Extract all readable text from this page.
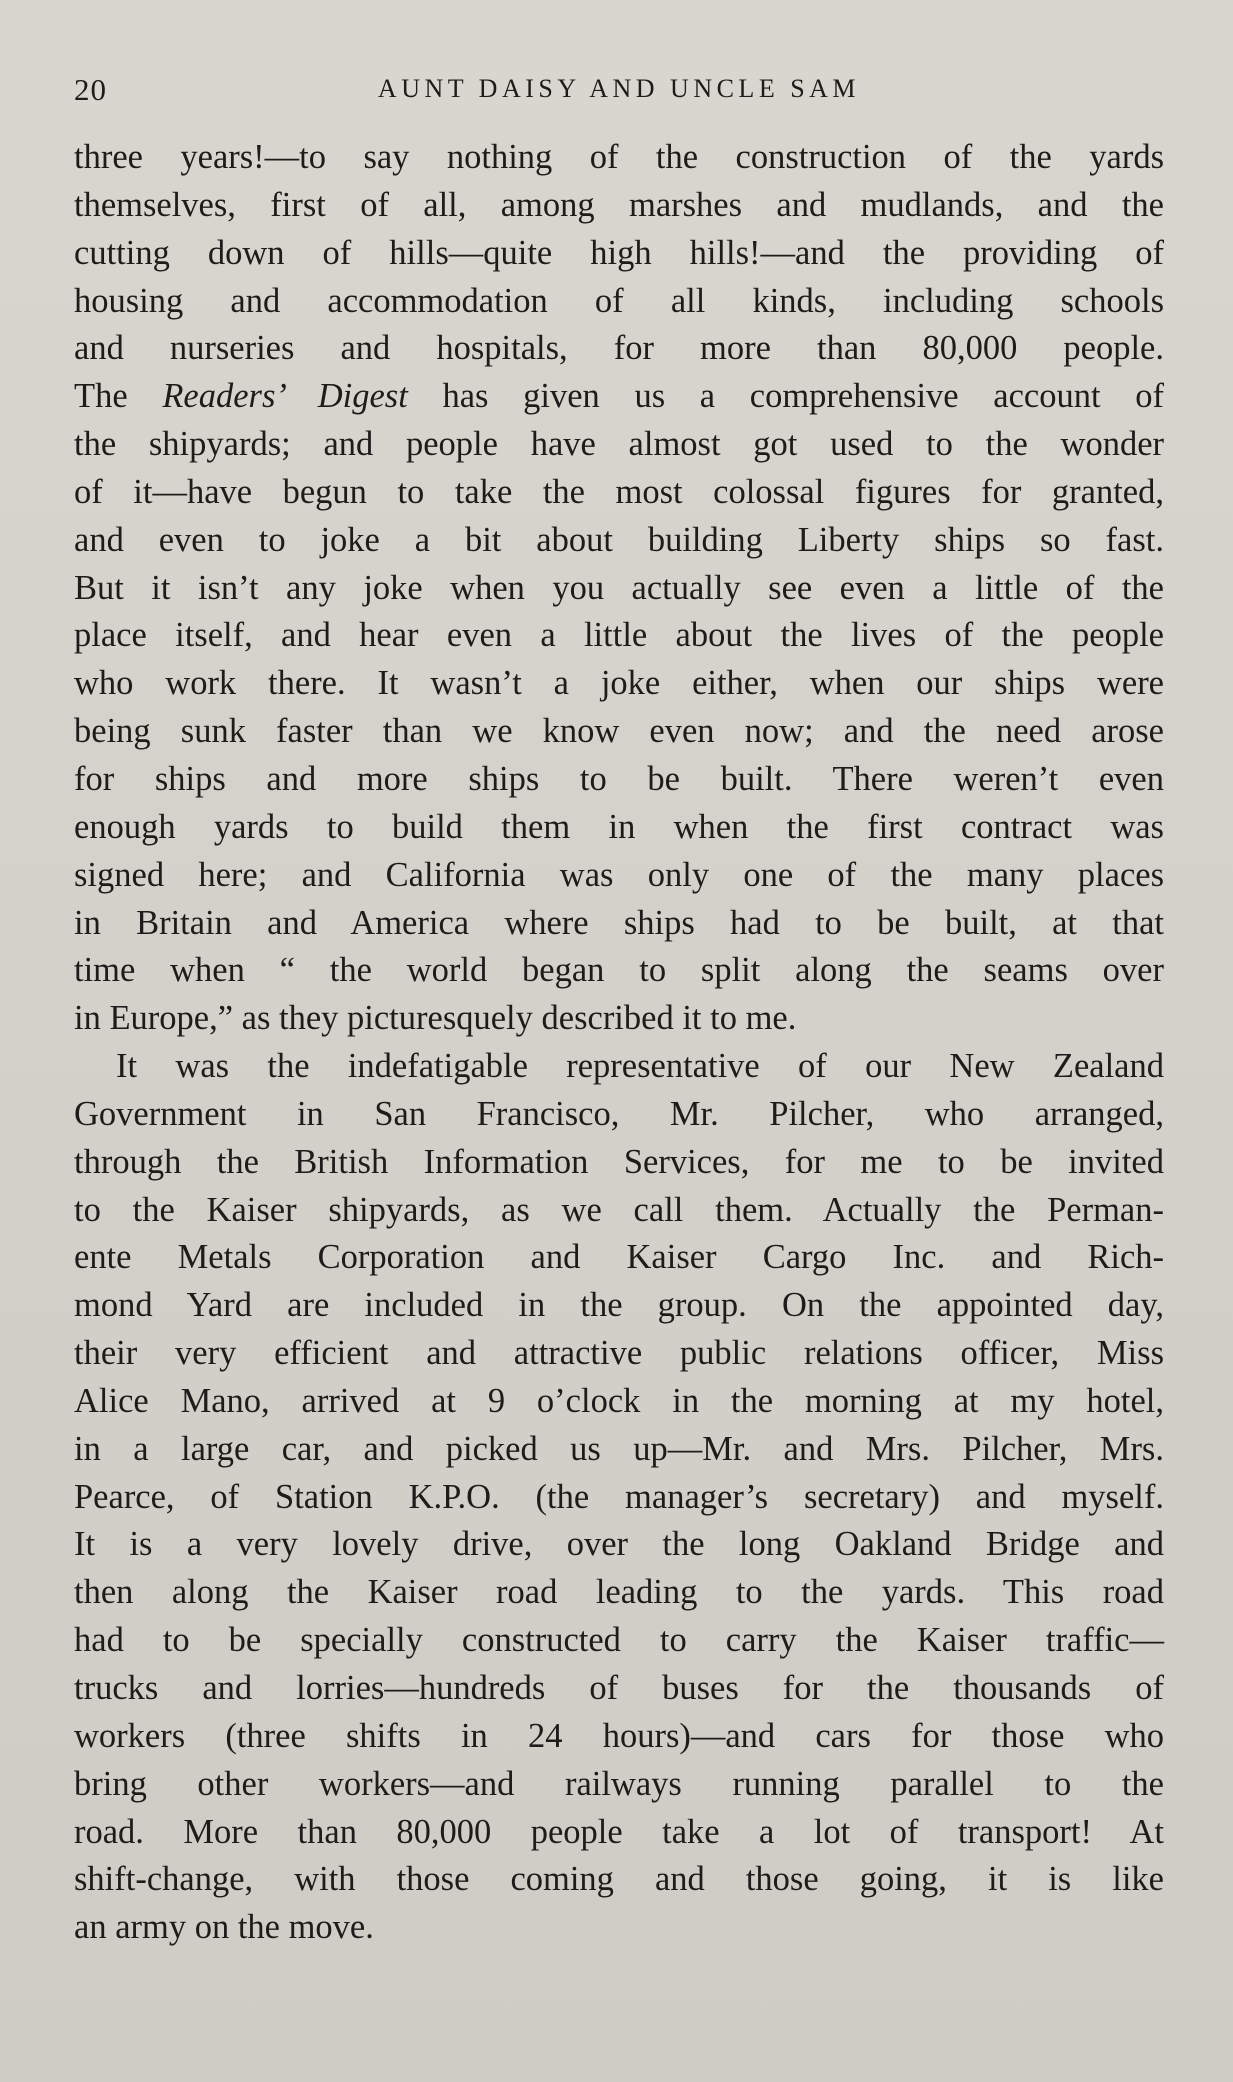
20	AUNT DAISY AND UNCLE SAM
three years!—to say nothing of the construction of the yards
themselves, first of all, among marshes and mudlands, and the
cutting down of hills—quite high hills!—and the providing of
housing and accommodation of all kinds, including schools
and nurseries and hospitals, for more than 80,000 people.
The Readers’ Digest has given us a comprehensive account of
the shipyards; and people have almost got used to the wonder
of it—have begun to take the most colossal figures for granted,
and even to joke a bit about building Liberty ships so fast.
But it isn’t any joke when you actually see even a little of the
place itself, and hear even a little about the lives of the people
who work there. It wasn’t a joke either, when our ships were
being sunk faster than we know even now; and the need arose
for ships and more ships to be built. There weren’t even
enough yards to build them in when the first contract was
signed here; and California was only one of the many places
in Britain and America where ships had to be built, at that
time when “ the world began to split along the seams over
in Europe,” as they picturesquely described it to me.
It was the indefatigable representative of our New Zealand
Government in San Francisco, Mr. Pilcher, who arranged,
through the British Information Services, for me to be invited
to the Kaiser shipyards, as we call them. Actually the Perman-
ente Metals Corporation and Kaiser Cargo Inc. and Rich-
mond Yard are included in the group. On the appointed day,
their very efficient and attractive public relations officer, Miss
Alice Mano, arrived at 9 o’clock in the morning at my hotel,
in a large car, and picked us up—Mr. and Mrs. Pilcher, Mrs.
Pearce, of Station K.P.O. (the manager’s secretary) and myself.
It is a very lovely drive, over the long Oakland Bridge and
then along the Kaiser road leading to the yards. This road
had to be specially constructed to carry the Kaiser traffic—
trucks and lorries—hundreds of buses for the thousands of
workers (three shifts in 24 hours)—and cars for those who
bring other workers—and railways running parallel to the
road. More than 80,000 people take a lot of transport! At
shift-change, with those coming and those going, it is like
an army on the move.
